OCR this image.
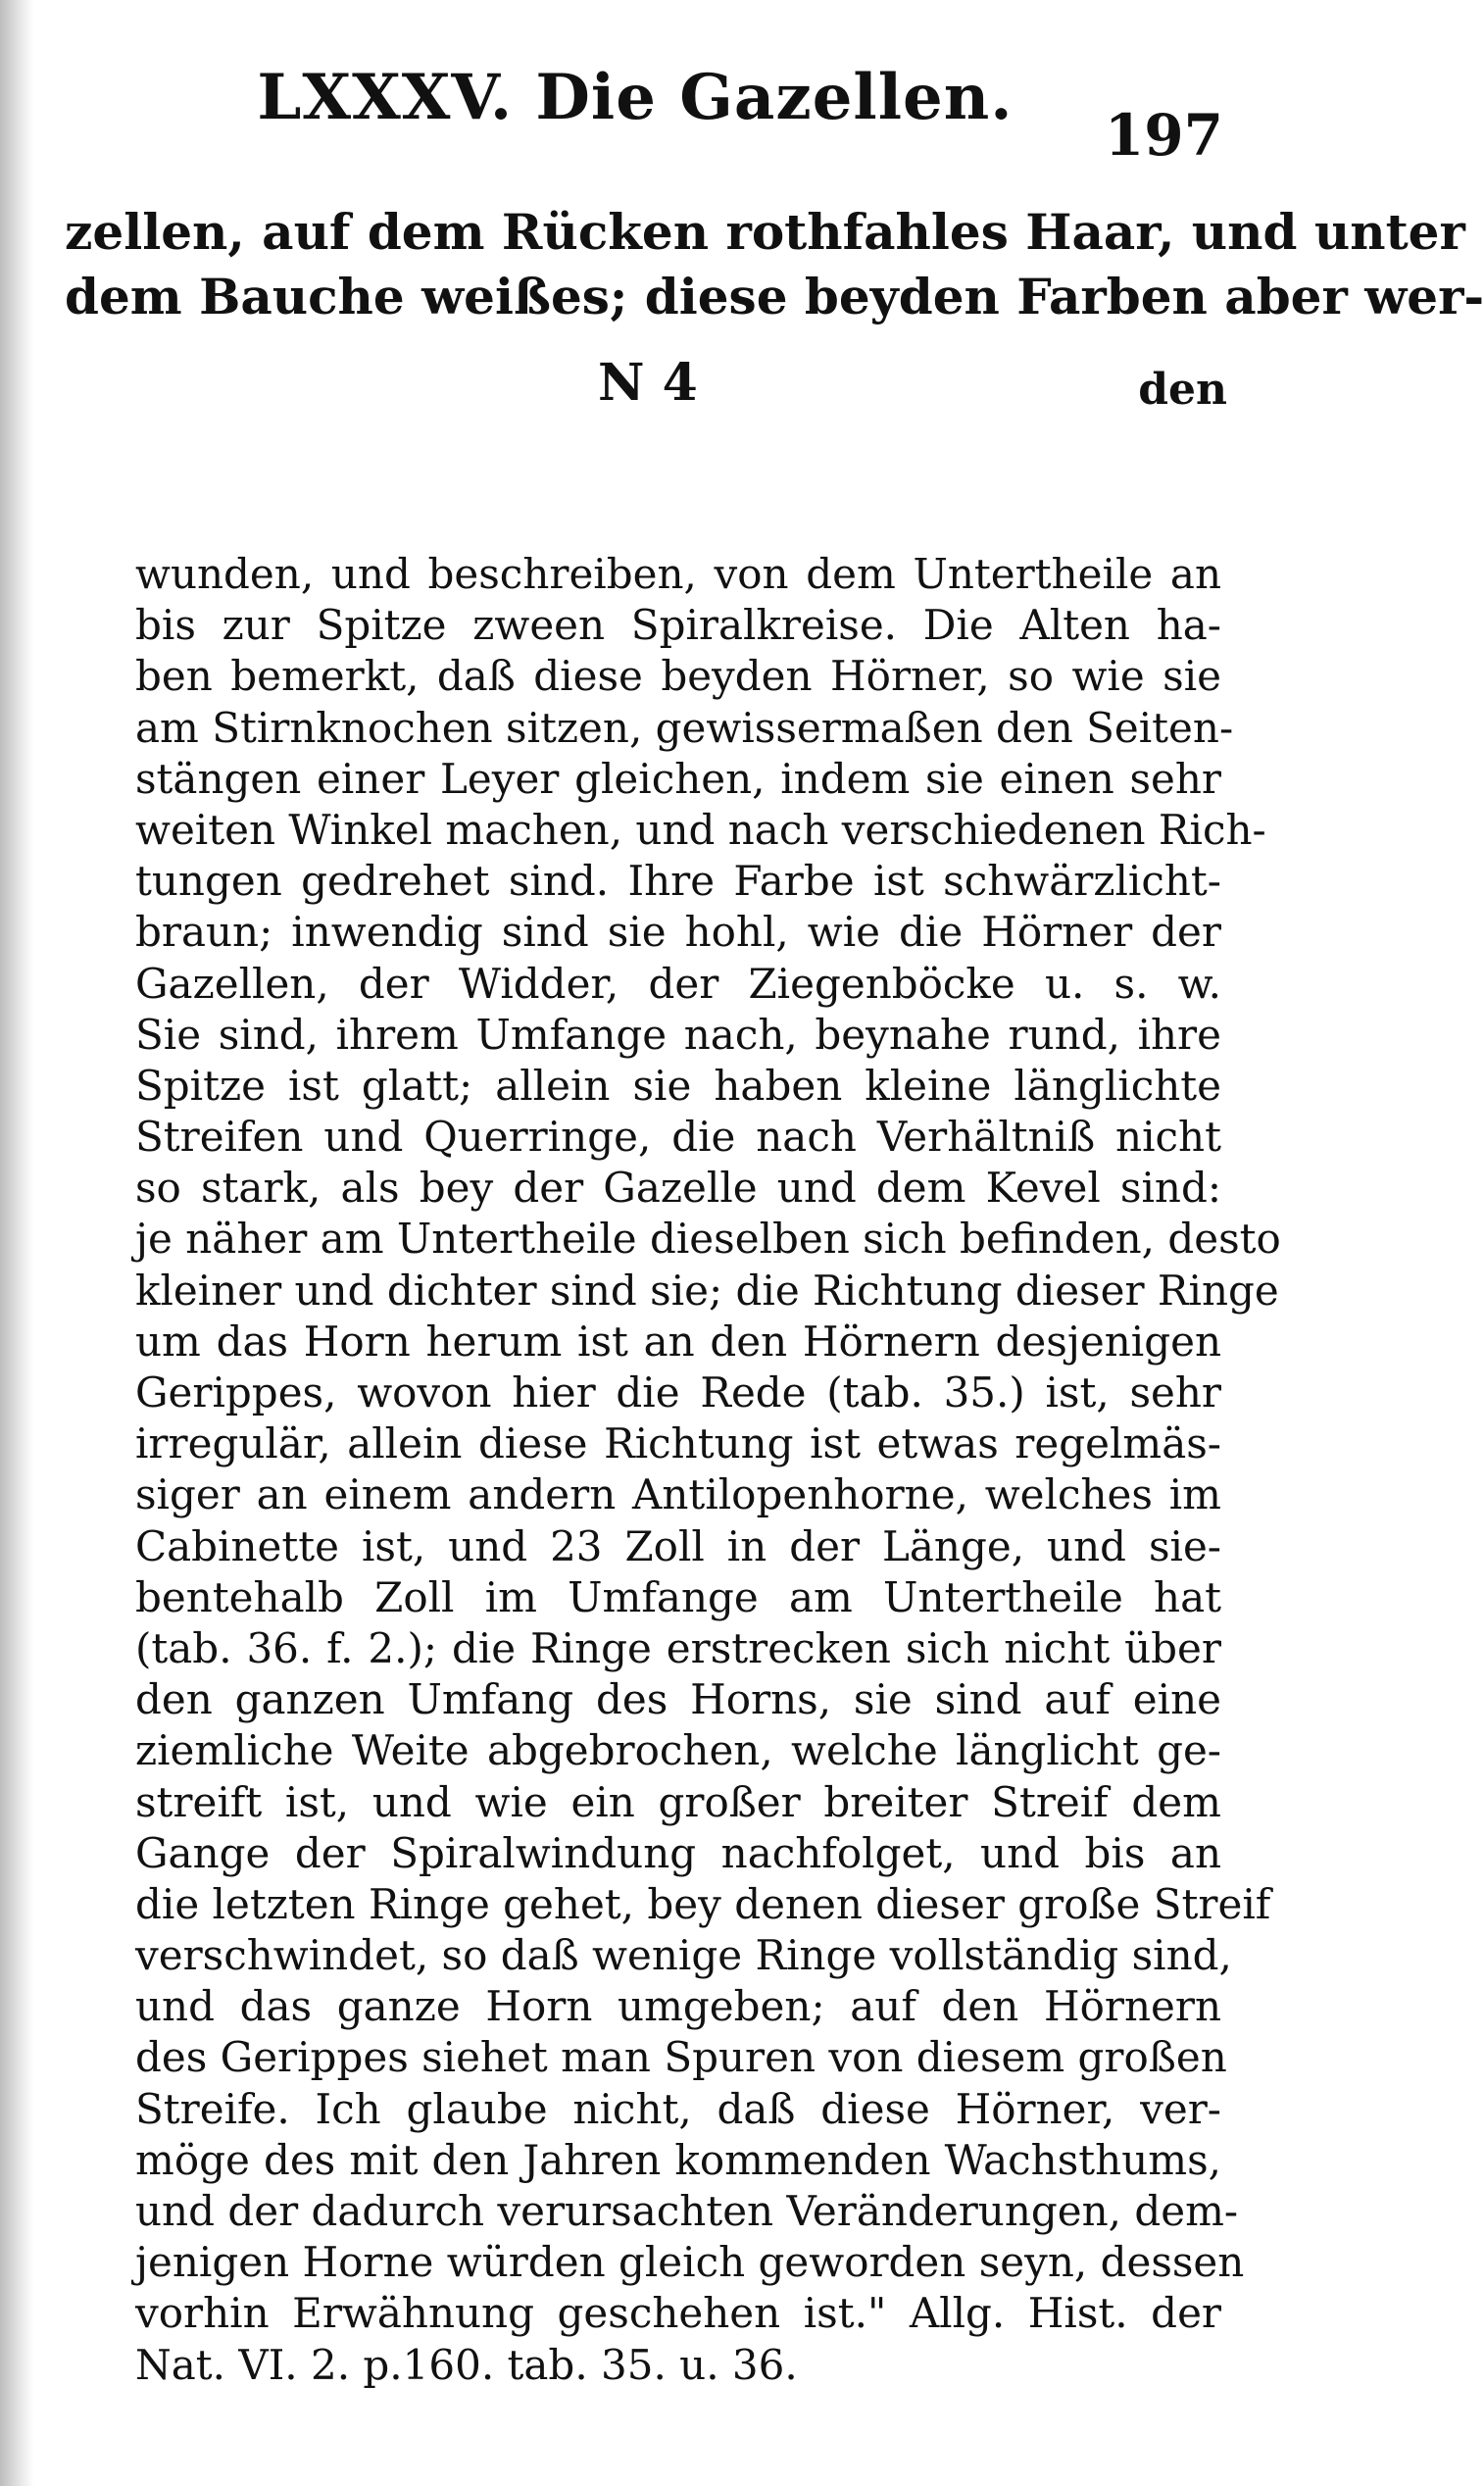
LXXXV. Die Gazellen.
197
zellen, auf dem Rücken rothfahles Haar, und unter
dem Bauche weißes; diese beyden Farben aber wer-
N 4	den
wunden, und beschreiben, von dem Untertheile an
bis zur Spitze zween Spiralkreise. Die Alten ha-
ben bemerkt, daß diese beyden Hörner, so wie sie
am Stirnknochen sitzen, gewissermaßen den Seiten-
stängen einer Leyer gleichen, indem sie einen sehr
weiten Winkel machen, und nach verschiedenen Rich-
tungen gedrehet sind. Ihre Farbe ist schwärzlicht-
braun; inwendig sind sie hohl, wie die Hörner der
Gazellen, der Widder, der Ziegenböcke u. s. w.
Sie sind, ihrem Umfange nach, beynahe rund, ihre
Spitze ist glatt; allein sie haben kleine länglichte
Streifen und Querringe, die nach Verhältniß nicht
so stark, als bey der Gazelle und dem Kevel sind:
je näher am Untertheile dieselben sich befinden, desto
kleiner und dichter sind sie; die Richtung dieser Ringe
um das Horn herum ist an den Hörnern desjenigen
Gerippes, wovon hier die Rede (tab. 35.) ist, sehr
irregulär, allein diese Richtung ist etwas regelmäs-
siger an einem andern Antilopenhorne, welches im
Cabinette ist, und 23 Zoll in der Länge, und sie-
bentehalb Zoll im Umfange am Untertheile hat
(tab. 36. f. 2.); die Ringe erstrecken sich nicht über
den ganzen Umfang des Horns, sie sind auf eine
ziemliche Weite abgebrochen, welche länglicht ge-
streift ist, und wie ein großer breiter Streif dem
Gange der Spiralwindung nachfolget, und bis an
die letzten Ringe gehet, bey denen dieser große Streif
verschwindet, so daß wenige Ringe vollständig sind,
und das ganze Horn umgeben; auf den Hörnern
des Gerippes siehet man Spuren von diesem großen
Streife. Ich glaube nicht, daß diese Hörner, ver-
möge des mit den Jahren kommenden Wachsthums,
und der dadurch verursachten Veränderungen, dem-
jenigen Horne würden gleich geworden seyn, dessen
vorhin Erwähnung geschehen ist." Allg. Hist. der
Nat. VI. 2. p.160. tab. 35. u. 36.
